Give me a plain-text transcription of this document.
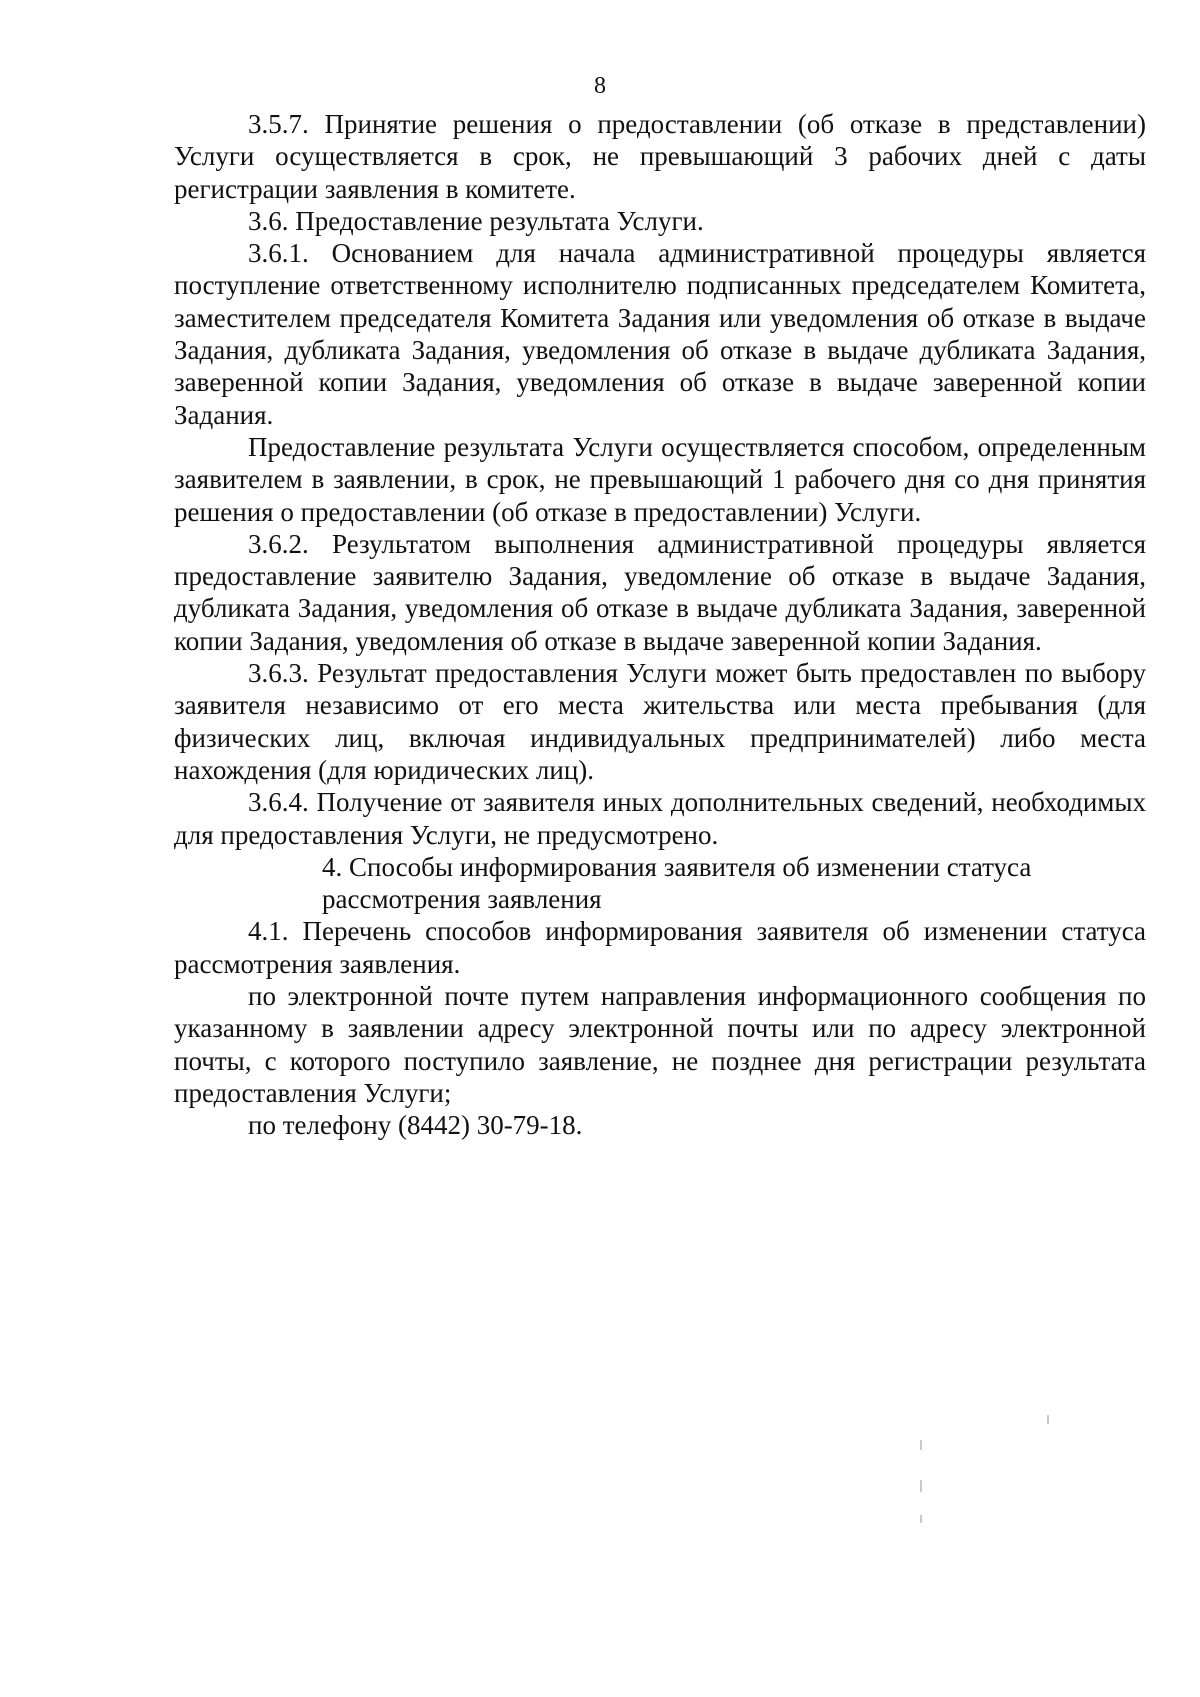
8

3.5.7. Принятие решения о предоставлении (об отказе в представлении) Услуги осуществляется в срок, не превышающий 3 рабочих дней с даты регистрации заявления в комитете.

3.6. Предоставление результата Услуги.

3.6.1. Основанием для начала административной процедуры является поступление ответственному исполнителю подписанных председателем Комитета, заместителем председателя Комитета Задания или уведомления об отказе в выдаче Задания, дубликата Задания, уведомления об отказе в выдаче дубликата Задания, заверенной копии Задания, уведомления об отказе в выдаче заверенной копии Задания.

Предоставление результата Услуги осуществляется способом, определенным заявителем в заявлении, в срок, не превышающий 1 рабочего дня со дня принятия решения о предоставлении (об отказе в предоставлении) Услуги.

3.6.2. Результатом выполнения административной процедуры является предоставление заявителю Задания, уведомление об отказе в выдаче Задания, дубликата Задания, уведомления об отказе в выдаче дубликата Задания, заверенной копии Задания, уведомления об отказе в выдаче заверенной копии Задания.

3.6.3. Результат предоставления Услуги может быть предоставлен по выбору заявителя независимо от его места жительства или места пребывания (для физических лиц, включая индивидуальных предпринимателей) либо места нахождения (для юридических лиц).

3.6.4. Получение от заявителя иных дополнительных сведений, необходимых для предоставления Услуги, не предусмотрено.

4. Способы информирования заявителя об изменении статуса
рассмотрения заявления

4.1. Перечень способов информирования заявителя об изменении статуса рассмотрения заявления.

по электронной почте путем направления информационного сообщения по указанному в заявлении адресу электронной почты или по адресу электронной почты, с которого поступило заявление, не позднее дня регистрации результата предоставления Услуги;

по телефону (8442) 30-79-18.
